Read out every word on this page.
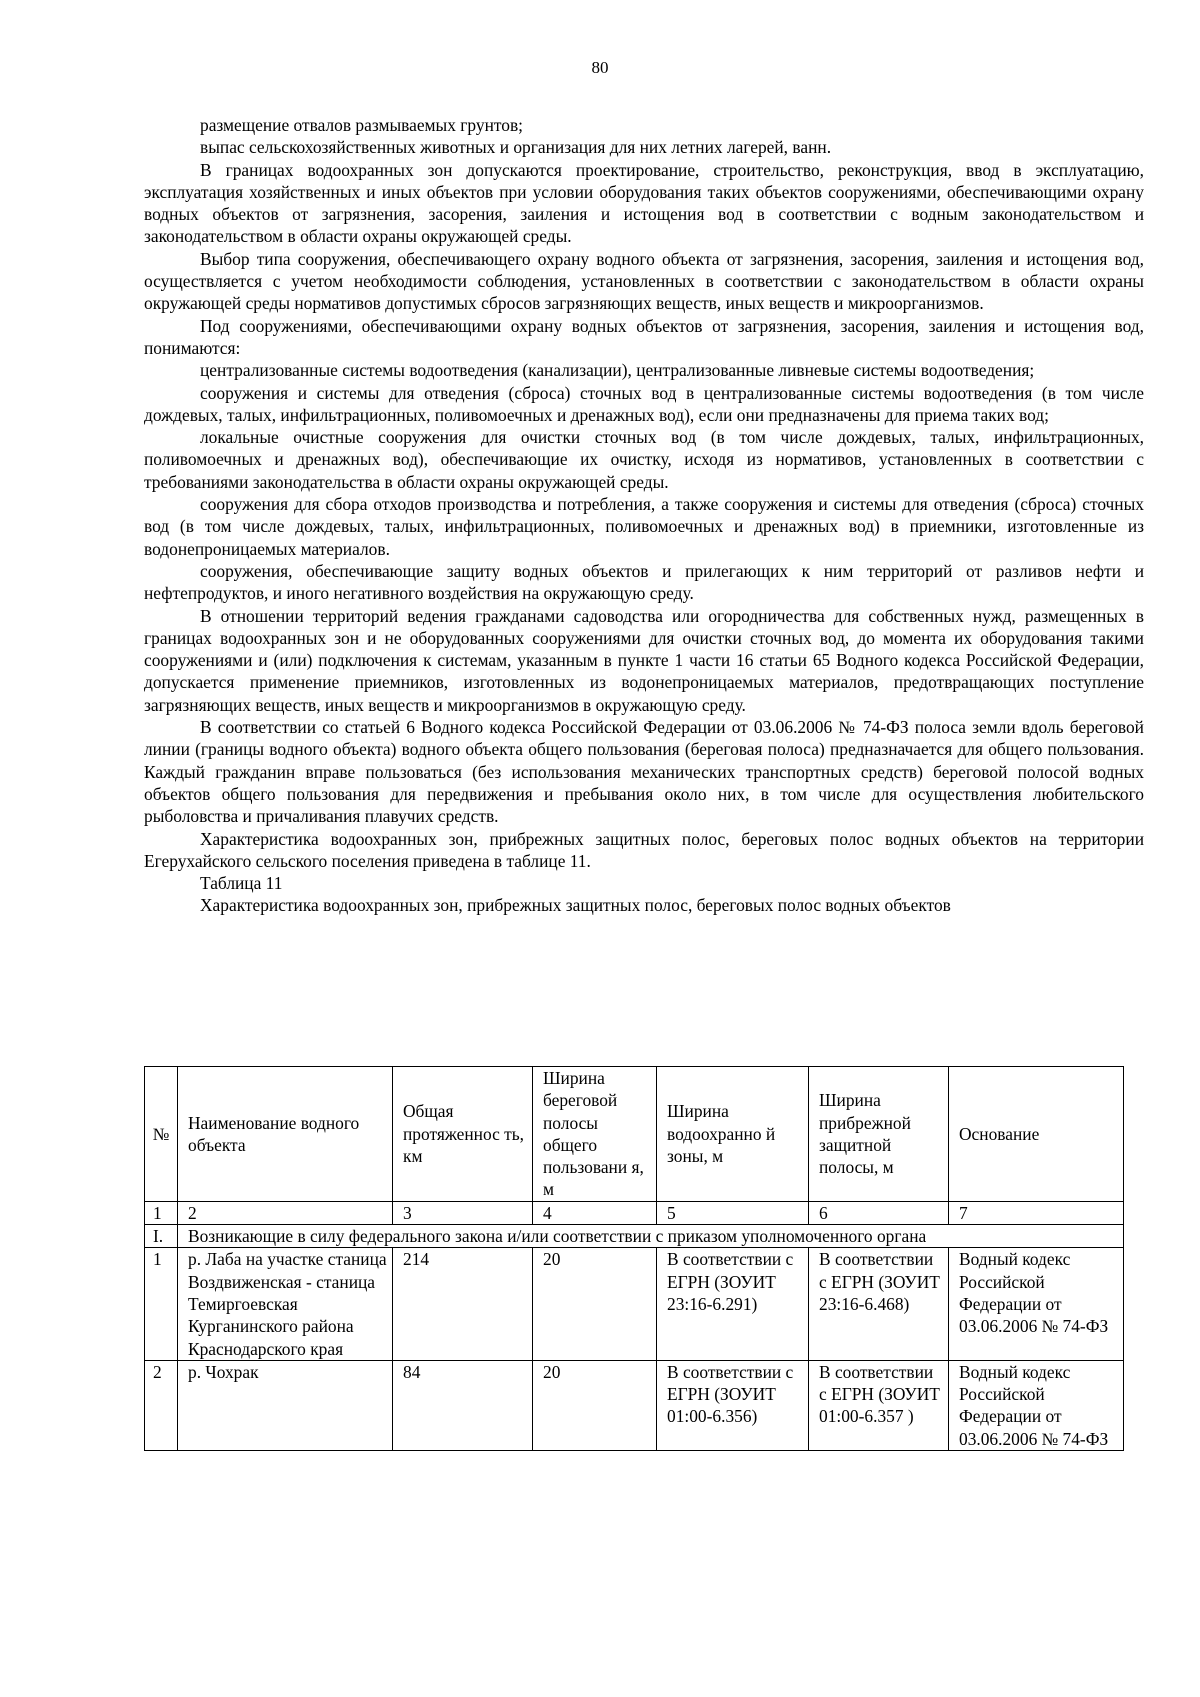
80

размещение отвалов размываемых грунтов;

выпас сельскохозяйственных животных и организация для них летних лагерей, ванн.

В границах водоохранных зон допускаются проектирование, строительство, реконструкция, ввод в эксплуатацию, эксплуатация хозяйственных и иных объектов при условии оборудования таких объектов сооружениями, обеспечивающими охрану водных объектов от загрязнения, засорения, заиления и истощения вод в соответствии с водным законодательством и законодательством в области охраны окружающей среды.

Выбор типа сооружения, обеспечивающего охрану водного объекта от загрязнения, засорения, заиления и истощения вод, осуществляется с учетом необходимости соблюдения, установленных в соответствии с законодательством в области охраны окружающей среды нормативов допустимых сбросов загрязняющих веществ, иных веществ и микроорганизмов.

Под сооружениями, обеспечивающими охрану водных объектов от загрязнения, засорения, заиления и истощения вод, понимаются:

централизованные системы водоотведения (канализации), централизованные ливневые системы водоотведения;

сооружения и системы для отведения (сброса) сточных вод в централизованные системы водоотведения (в том числе дождевых, талых, инфильтрационных, поливомоечных и дренажных вод), если они предназначены для приема таких вод;

локальные очистные сооружения для очистки сточных вод (в том числе дождевых, талых, инфильтрационных, поливомоечных и дренажных вод), обеспечивающие их очистку, исходя из нормативов, установленных в соответствии с требованиями законодательства в области охраны окружающей среды.

сооружения для сбора отходов производства и потребления, а также сооружения и системы для отведения (сброса) сточных вод (в том числе дождевых, талых, инфильтрационных, поливомоечных и дренажных вод) в приемники, изготовленные из водонепроницаемых материалов.

сооружения, обеспечивающие защиту водных объектов и прилегающих к ним территорий от разливов нефти и нефтепродуктов, и иного негативного воздействия на окружающую среду.

В отношении территорий ведения гражданами садоводства или огородничества для собственных нужд, размещенных в границах водоохранных зон и не оборудованных сооружениями для очистки сточных вод, до момента их оборудования такими сооружениями и (или) подключения к системам, указанным в пункте 1 части 16 статьи 65 Водного кодекса Российской Федерации, допускается применение приемников, изготовленных из водонепроницаемых материалов, предотвращающих поступление загрязняющих веществ, иных веществ и микроорганизмов в окружающую среду.

В соответствии со статьей 6 Водного кодекса Российской Федерации от 03.06.2006 № 74-ФЗ полоса земли вдоль береговой линии (границы водного объекта) водного объекта общего пользования (береговая полоса) предназначается для общего пользования. Каждый гражданин вправе пользоваться (без использования механических транспортных средств) береговой полосой водных объектов общего пользования для передвижения и пребывания около них, в том числе для осуществления любительского рыболовства и причаливания плавучих средств.

Характеристика водоохранных зон, прибрежных защитных полос, береговых полос водных объектов на территории Егерухайского сельского поселения приведена в таблице 11.

Таблица 11
Характеристика водоохранных зон, прибрежных защитных полос, береговых полос водных объектов
№	Наименование водного объекта	Общая протяженнос ть, км	Ширина береговой полосы общего пользовани я, м	Ширина водоохранно й зоны, м	Ширина прибрежной защитной полосы, м	Основание
1	2	3	4	5	6	7
I.	Возникающие в силу федерального закона и/или соответствии с приказом уполномоченного органа					
1	р. Лаба на участке станица Воздвиженская - станица Темиргоевская Курганинского района Краснодарского края	214	20	В соответствии с ЕГРН (ЗОУИТ 23:16-6.291)	В соответствии с ЕГРН (ЗОУИТ 23:16-6.468)	Водный кодекс Российской Федерации от 03.06.2006 № 74-ФЗ
2	р. Чохрак	84	20	В соответствии с ЕГРН (ЗОУИТ 01:00-6.356)	В соответствии с ЕГРН (ЗОУИТ 01:00-6.357 )	Водный кодекс Российской Федерации от 03.06.2006 № 74-ФЗ
